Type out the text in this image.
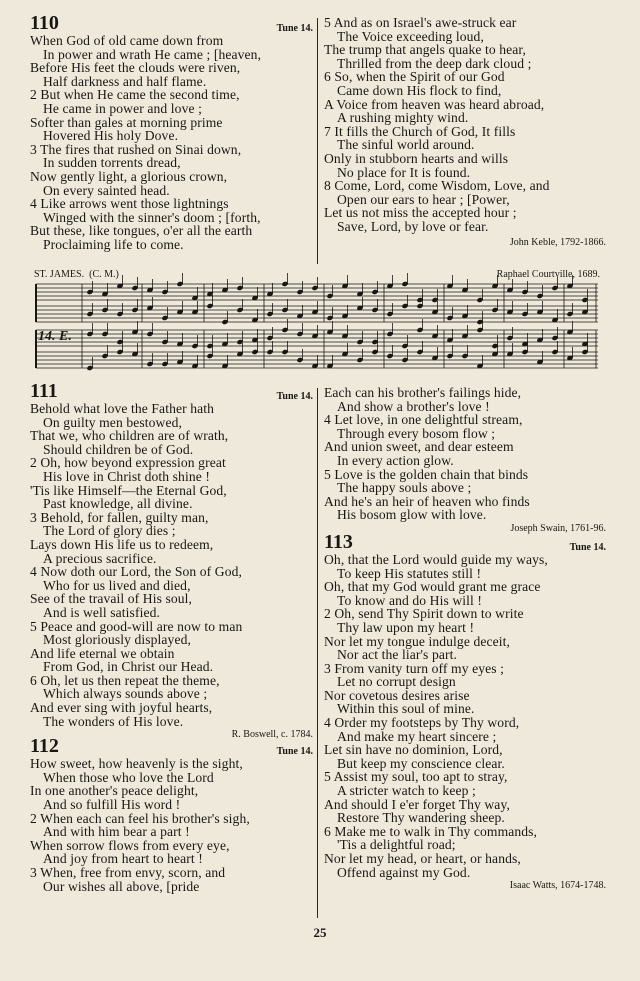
110	Tune 14.
When God of old came down from
In power and wrath He came ; [heaven,
Before His feet the clouds were riven,
Half darkness and half flame.
2 But when He came the second time,
He came in power and love ;
Softer than gales at morning prime
Hovered His holy Dove.
3 The fires that rushed on Sinai down,
In sudden torrents dread,
Now gently light, a glorious crown,
On every sainted head.
4 Like arrows went those lightnings
Winged with the sinner's doom ; [forth,
But these, like tongues, o'er all the earth
Proclaiming life to come.
5 And as on Israel's awe-struck ear
The Voice exceeding loud,
The trump that angels quake to hear,
Thrilled from the deep dark cloud ;
6 So, when the Spirit of our God
Came down His flock to find,
A Voice from heaven was heard abroad,
A rushing mighty wind.
7 It fills the Church of God, It fills
The sinful world around.
Only in stubborn hearts and wills
No place for It is found.
8 Come, Lord, come Wisdom, Love, and
Open our ears to hear ; [Power,
Let us not miss the accepted hour ;
Save, Lord, by love or fear.
John Keble, 1792-1866.
ST. JAMES. (C. M.)	Raphael Courtville, 1689.
14. E.
111	Tune 14.
Behold what love the Father hath
On guilty men bestowed,
That we, who children are of wrath,
Should children be of God.
2 Oh, how beyond expression great
His love in Christ doth shine !
'Tis like Himself—the Eternal God,
Past knowledge, all divine.
3 Behold, for fallen, guilty man,
The Lord of glory dies ;
Lays down His life us to redeem,
A precious sacrifice.
4 Now doth our Lord, the Son of God,
Who for us lived and died,
See of the travail of His soul,
And is well satisfied.
5 Peace and good-will are now to man
Most gloriously displayed,
And life eternal we obtain
From God, in Christ our Head.
6 Oh, let us then repeat the theme,
Which always sounds above ;
And ever sing with joyful hearts,
The wonders of His love.
R. Boswell, c. 1784.
112	Tune 14.
How sweet, how heavenly is the sight,
When those who love the Lord
In one another's peace delight,
And so fulfill His word !
2 When each can feel his brother's sigh,
And with him bear a part !
When sorrow flows from every eye,
And joy from heart to heart !
3 When, free from envy, scorn, and
Our wishes all above, [pride
Each can his brother's failings hide,
And show a brother's love !
4 Let love, in one delightful stream,
Through every bosom flow ;
And union sweet, and dear esteem
In every action glow.
5 Love is the golden chain that binds
The happy souls above ;
And he's an heir of heaven who finds
His bosom glow with love.
Joseph Swain, 1761-96.
113	Tune 14.
Oh, that the Lord would guide my ways,
To keep His statutes still !
Oh, that my God would grant me grace
To know and do His will !
2 Oh, send Thy Spirit down to write
Thy law upon my heart !
Nor let my tongue indulge deceit,
Nor act the liar's part.
3 From vanity turn off my eyes ;
Let no corrupt design
Nor covetous desires arise
Within this soul of mine.
4 Order my footsteps by Thy word,
And make my heart sincere ;
Let sin have no dominion, Lord,
But keep my conscience clear.
5 Assist my soul, too apt to stray,
A stricter watch to keep ;
And should I e'er forget Thy way,
Restore Thy wandering sheep.
6 Make me to walk in Thy commands,
'Tis a delightful road;
Nor let my head, or heart, or hands,
Offend against my God.
Isaac Watts, 1674-1748.
25
